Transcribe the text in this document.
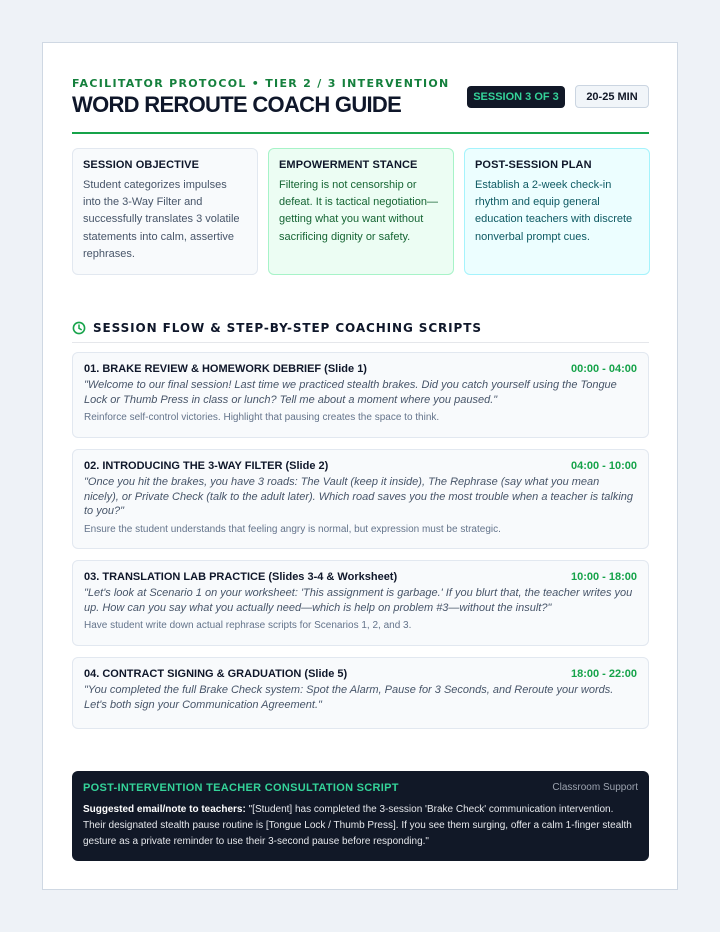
FACILITATOR PROTOCOL • TIER 2 / 3 INTERVENTION
WORD REROUTE COACH GUIDE	SESSION 3 OF 3	20-25 MIN
SESSION OBJECTIVE
Student categorizes impulses into the 3-Way Filter and successfully translates 3 volatile statements into calm, assertive rephrases.
EMPOWERMENT STANCE
Filtering is not censorship or defeat. It is tactical negotiation—getting what you want without sacrificing dignity or safety.
POST-SESSION PLAN
Establish a 2-week check-in rhythm and equip general education teachers with discrete nonverbal prompt cues.
SESSION FLOW & STEP-BY-STEP COACHING SCRIPTS
01. BRAKE REVIEW & HOMEWORK DEBRIEF (Slide 1)	00:00 - 04:00
"Welcome to our final session! Last time we practiced stealth brakes. Did you catch yourself using the Tongue Lock or Thumb Press in class or lunch? Tell me about a moment where you paused."
Reinforce self-control victories. Highlight that pausing creates the space to think.
02. INTRODUCING THE 3-WAY FILTER (Slide 2)	04:00 - 10:00
"Once you hit the brakes, you have 3 roads: The Vault (keep it inside), The Rephrase (say what you mean nicely), or Private Check (talk to the adult later). Which road saves you the most trouble when a teacher is talking to you?"
Ensure the student understands that feeling angry is normal, but expression must be strategic.
03. TRANSLATION LAB PRACTICE (Slides 3-4 & Worksheet)	10:00 - 18:00
"Let's look at Scenario 1 on your worksheet: 'This assignment is garbage.' If you blurt that, the teacher writes you up. How can you say what you actually need—which is help on problem #3—without the insult?"
Have student write down actual rephrase scripts for Scenarios 1, 2, and 3.
04. CONTRACT SIGNING & GRADUATION (Slide 5)	18:00 - 22:00
"You completed the full Brake Check system: Spot the Alarm, Pause for 3 Seconds, and Reroute your words. Let's both sign your Communication Agreement."
POST-INTERVENTION TEACHER CONSULTATION SCRIPT	Classroom Support
Suggested email/note to teachers: "[Student] has completed the 3-session 'Brake Check' communication intervention. Their designated stealth pause routine is [Tongue Lock / Thumb Press]. If you see them surging, offer a calm 1-finger stealth gesture as a private reminder to use their 3-second pause before responding."
